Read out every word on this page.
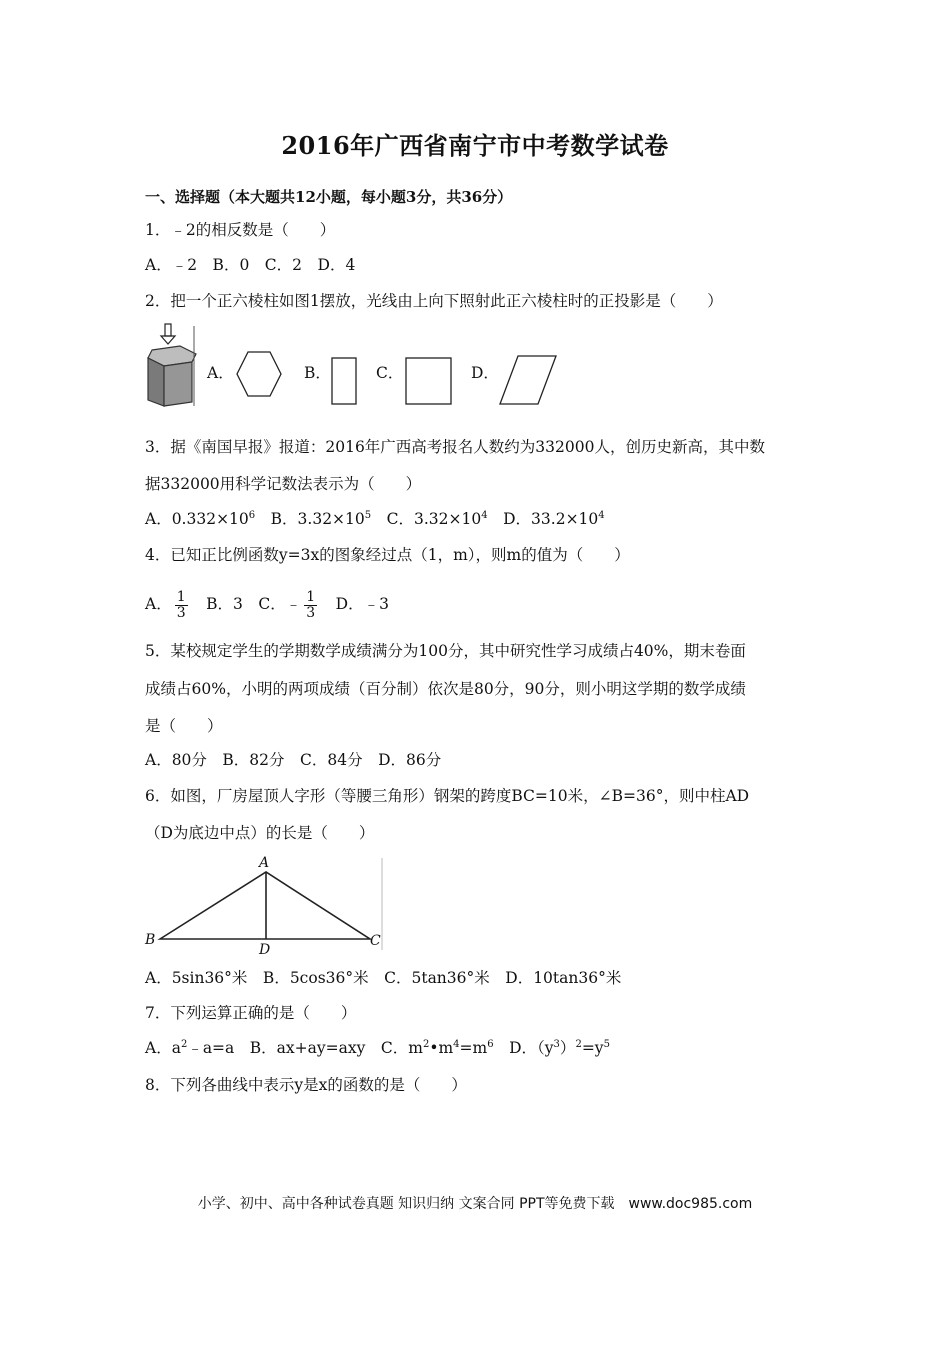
2016年广西省南宁市中考数学试卷
一、选择题（本大题共12小题，每小题3分，共36分）
1．﹣2的相反数是（　　）
A．﹣2　B．0　C．2　D．4
2．把一个正六棱柱如图1摆放，光线由上向下照射此正六棱柱时的正投影是（　　）
A．	B．	C．	D．
3．据《南国早报》报道：2016年广西高考报名人数约为332000人，创历史新高，其中数
据332000用科学记数法表示为（　　）
A．$0.332\times 10^6$　B．$3.32\times 10^5$　C．$3.32\times 10^4$　D．$33.2\times 10^4$
4．已知正比例函数y=3x的图象经过点（1，m），则m的值为（　　）
A． $\frac{1}{3}$ 　B．3　C．﹣ $\frac{1}{3}$ 　D．﹣3
5．某校规定学生的学期数学成绩满分为100分，其中研究性学习成绩占40%，期末卷面
成绩占60%，小明的两项成绩（百分制）依次是80分，90分，则小明这学期的数学成绩
是（　　）
A．80分　B．82分　C．84分　D．86分
6．如图，厂房屋顶人字形（等腰三角形）钢架的跨度BC=10米，∠B=36°，则中柱AD
（D为底边中点）的长是（　　）
A
B	C
D
A．5sin36°米　B．5cos36°米　C．5tan36°米　D．10tan36°米
7．下列运算正确的是（　　）
A．$a^2﹣a=a$　B．ax+ay=axy　C．$m^2•m^4=m^6$　D．$(y^3)^2=y^5$
8．下列各曲线中表示y是x的函数的是（　　）
小学、初中、高中各种试卷真题 知识归纳 文案合同 PPT等免费下载　www.doc985.com
